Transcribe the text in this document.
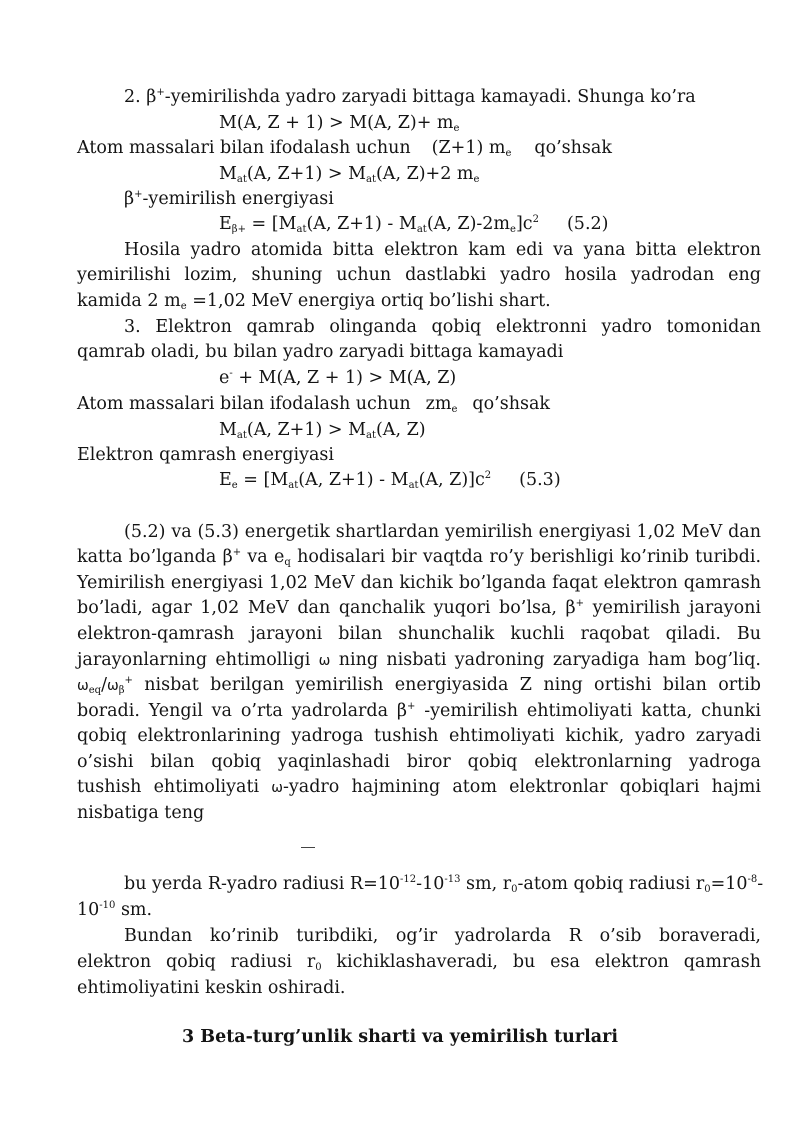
2. β+-yemirilishda yadro zaryadi bittaga kamayadi. Shunga ko’ra
M(A, Z + 1) > M(A, $Z)+ m_e$
Atom massalari bilan ifodalash uchun (Z+1) $m_e$ qo’shsak
$M_{at}(A$, $Z+1) > M_{at}(A$, Z)+2 $m_e$
β+-yemirilish energiyasi
$E_{\beta+} = [M_{at}(A$, $Z+1) - M_{at}(A$, $Z)-2m_e]c^2$ (5.2)
Hosila yadro atomida bitta elektron kam edi va yana bitta elektron
yemirilishi lozim, shuning uchun dastlabki yadro hosila yadrodan eng
kamida 2 $m_e =1,02$ MeV energiya ortiq bo’lishi shart.
3. Elektron qamrab olinganda qobiq elektronni yadro tomonidan
qamrab oladi, bu bilan yadro zaryadi bittaga kamayadi
e- + M(A, Z + 1) > M(A, Z)
Atom massalari bilan ifodalash uchun $zm_e$ qo’shsak
$M_{at}(A$, $Z+1) > M_{at}(A$, Z)
Elektron qamrash energiyasi
$E_e = [M_{at}(A$, $Z+1) - M_{at}(A$, $Z)]c^2$ (5.3)
(5.2) va (5.3) energetik shartlardan yemirilish energiyasi 1,02 MeV dan
katta bo’lganda β+ va $e_q$ hodisalari bir vaqtda ro’y berishligi ko’rinib turibdi.
Yemirilish energiyasi 1,02 MeV dan kichik bo’lganda faqat elektron qamrash
bo’ladi, agar 1,02 MeV dan qanchalik yuqori bo’lsa, β+ yemirilish jarayoni
elektron-qamrash jarayoni bilan shunchalik kuchli raqobat qiladi. Bu
jarayonlarning ehtimolligi ω ning nisbati yadroning zaryadiga ham bog’liq.
$\omega_{eq}/\omega_\beta^+$ nisbat berilgan yemirilish energiyasida Z ning ortishi bilan ortib
boradi. Yengil va o’rta yadrolarda β+ -yemirilish ehtimoliyati katta, chunki
qobiq elektronlarining yadroga tushish ehtimoliyati kichik, yadro zaryadi
o’sishi bilan qobiq yaqinlashadi biror qobiq elektronlarning yadroga
tushish ehtimoliyati ω-yadro hajmining atom elektronlar qobiqlari hajmi
nisbatiga teng
bu yerda R-yadro radiusi $R=10^{-12}-10^{-13}$ sm, $r_0$-atom qobiq radiusi $r_0=10^{-8}-$
$10^{-10}$ sm.
Bundan ko’rinib turibdiki, og’ir yadrolarda R o’sib boraveradi,
elektron qobiq radiusi $r_0$ kichiklashaveradi, bu esa elektron qamrash
ehtimoliyatini keskin oshiradi.
3 Beta-turg’unlik sharti va yemirilish turlari
